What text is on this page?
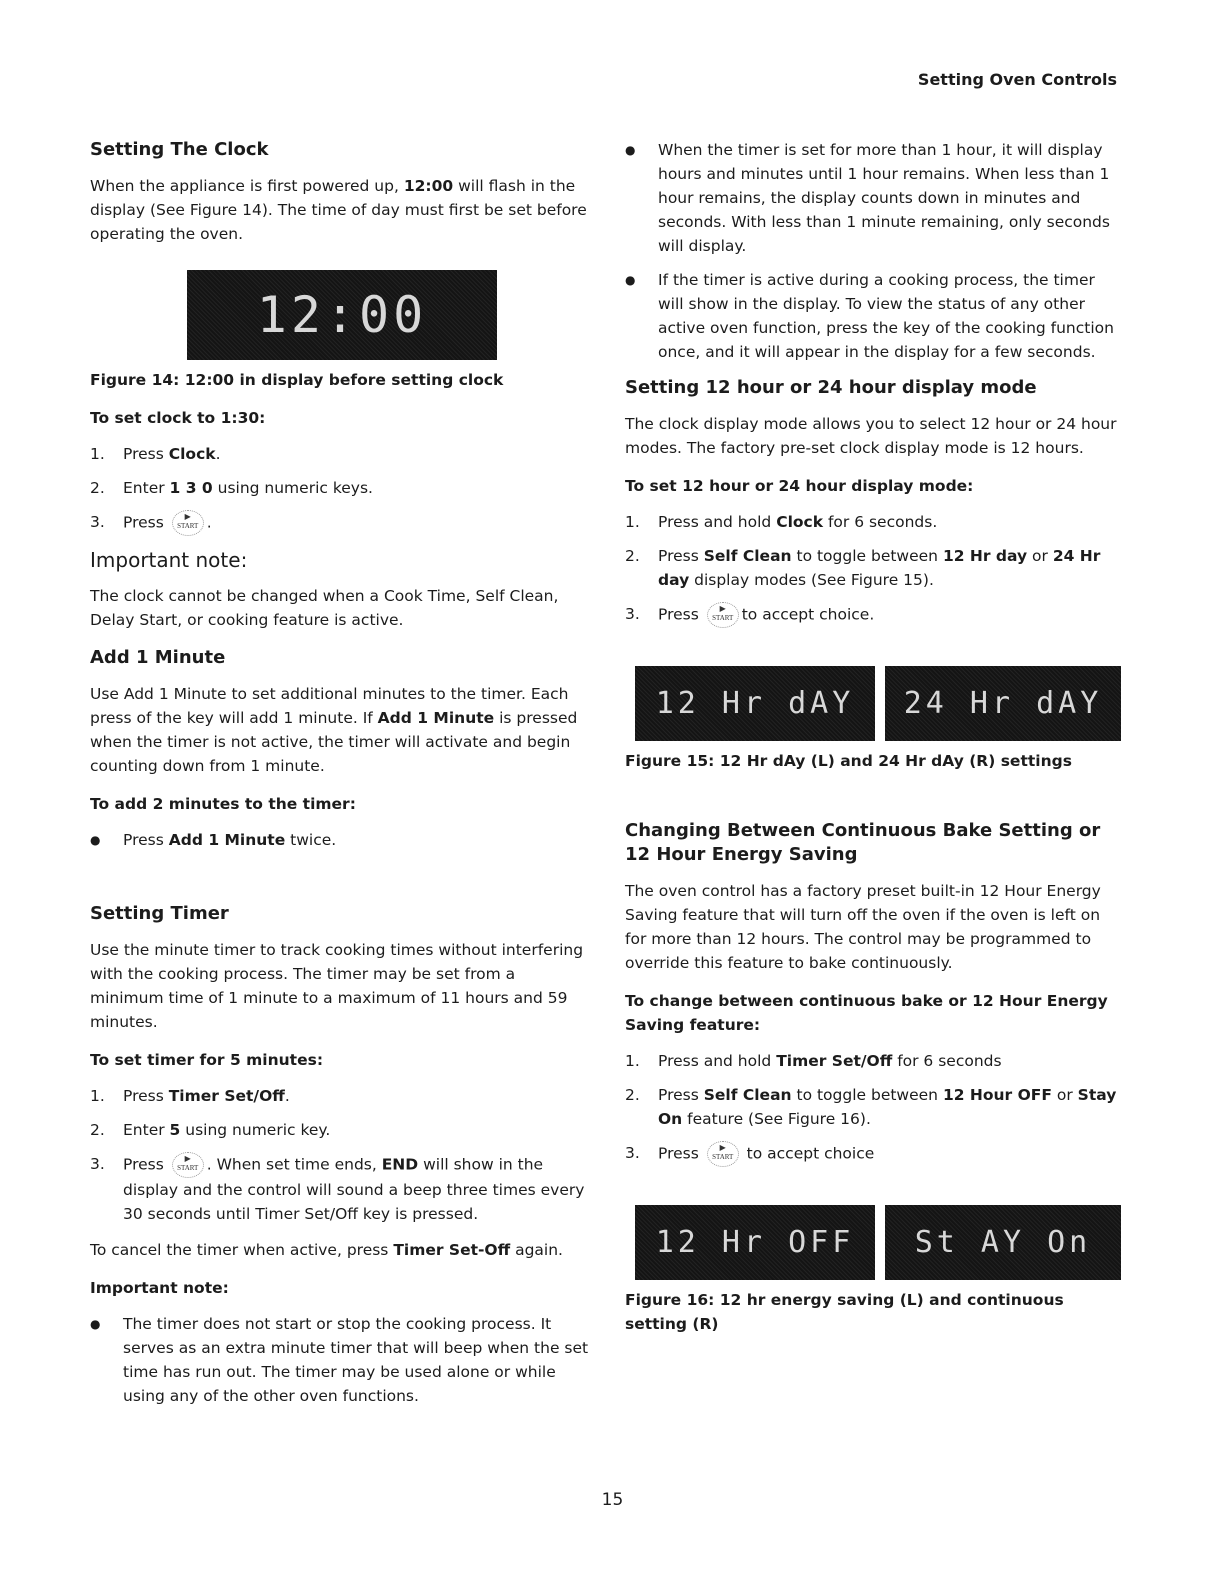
Setting Oven Controls
Setting The Clock

When the appliance is first powered up, 12:00 will flash in the display (See Figure 14). The time of day must first be set before operating the oven.

12:00
Figure 14: 12:00 in display before setting clock
To set clock to 1:30:
1.	Press Clock.
2.	Enter 1 3 0 using numeric keys.
3.	Press	▶
START .
Important note:

The clock cannot be changed when a Cook Time, Self Clean, Delay Start, or cooking feature is active.

Add 1 Minute

Use Add 1 Minute to set additional minutes to the timer. Each press of the key will add 1 minute. If Add 1 Minute is pressed when the timer is not active, the timer will activate and begin counting down from 1 minute.

To add 2 minutes to the timer:
●	Press Add 1 Minute twice.
Setting Timer

Use the minute timer to track cooking times without interfering with the cooking process. The timer may be set from a minimum time of 1 minute to a maximum of 11 hours and 59 minutes.

To set timer for 5 minutes:
1.	Press Timer Set/Off.
2.	Enter 5 using numeric key.
3.	Press	▶
START . When set time ends, END will show in the display and the control will sound a beep three times every 30 seconds until Timer Set/Off key is pressed.

To cancel the timer when active, press Timer Set-Off again.

Important note:
●	The timer does not start or stop the cooking process. It serves as an extra minute timer that will beep when the set time has run out. The timer may be used alone or while using any of the other oven functions.
●	When the timer is set for more than 1 hour, it will display hours and minutes until 1 hour remains. When less than 1 hour remains, the display counts down in minutes and seconds. With less than 1 minute remaining, only seconds will display.
●	If the timer is active during a cooking process, the timer will show in the display. To view the status of any other active oven function, press the key of the cooking function once, and it will appear in the display for a few seconds.
Setting 12 hour or 24 hour display mode

The clock display mode allows you to select 12 hour or 24 hour modes. The factory pre-set clock display mode is 12 hours.

To set 12 hour or 24 hour display mode:
1.	Press and hold Clock for 6 seconds.
2.	Press Self Clean to toggle between 12 Hr day or 24 Hr day display modes (See Figure 15).
3.	Press	▶
START to accept choice.
12 Hr dAY	24 Hr dAY
Figure 15: 12 Hr dAy (L) and 24 Hr dAy (R) settings
Changing Between Continuous Bake Setting or 12 Hour Energy Saving

The oven control has a factory preset built-in 12 Hour Energy Saving feature that will turn off the oven if the oven is left on for more than 12 hours. The control may be programmed to override this feature to bake continuously.

To change between continuous bake or 12 Hour Energy Saving feature:
1.	Press and hold Timer Set/Off for 6 seconds
2.	Press Self Clean to toggle between 12 Hour OFF or Stay On feature (See Figure 16).
3.	Press	▶
START to accept choice
12 Hr OFF	St AY On
Figure 16: 12 hr energy saving (L) and continuous setting (R)
15
